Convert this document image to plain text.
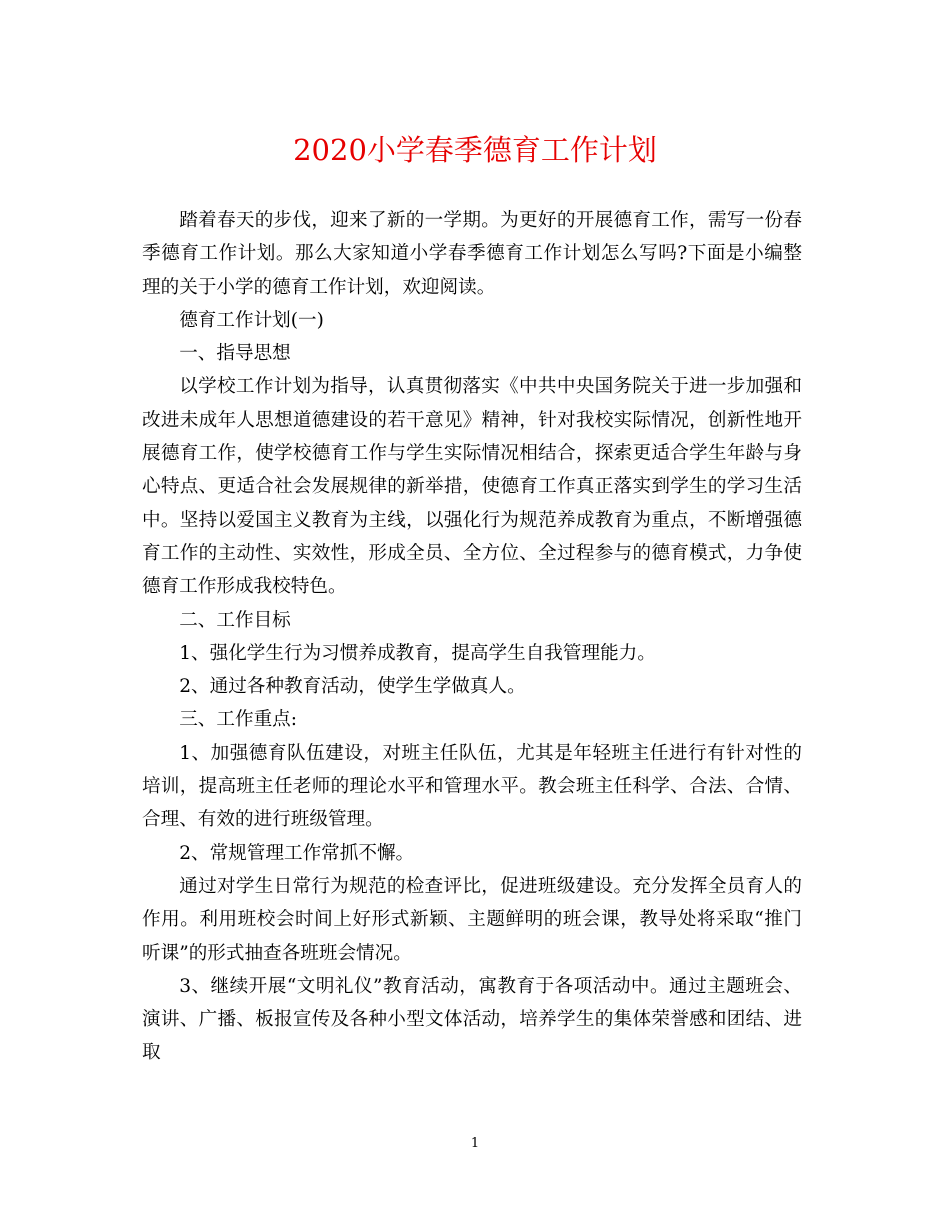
2020小学春季德育工作计划

踏着春天的步伐，迎来了新的一学期。为更好的开展德育工作，需写一份春季德育工作计划。那么大家知道小学春季德育工作计划怎么写吗?下面是小编整理的关于小学的德育工作计划，欢迎阅读。

德育工作计划(一)

一、指导思想

以学校工作计划为指导，认真贯彻落实《中共中央国务院关于进一步加强和改进未成年人思想道德建设的若干意见》精神，针对我校实际情况，创新性地开展德育工作，使学校德育工作与学生实际情况相结合，探索更适合学生年龄与身心特点、更适合社会发展规律的新举措，使德育工作真正落实到学生的学习生活中。坚持以爱国主义教育为主线，以强化行为规范养成教育为重点，不断增强德育工作的主动性、实效性，形成全员、全方位、全过程参与的德育模式，力争使德育工作形成我校特色。

二、工作目标

1、强化学生行为习惯养成教育，提高学生自我管理能力。

2、通过各种教育活动，使学生学做真人。

三、工作重点:

1、加强德育队伍建设，对班主任队伍，尤其是年轻班主任进行有针对性的培训，提高班主任老师的理论水平和管理水平。教会班主任科学、合法、合情、合理、有效的进行班级管理。

2、常规管理工作常抓不懈。

通过对学生日常行为规范的检查评比，促进班级建设。充分发挥全员育人的作用。利用班校会时间上好形式新颖、主题鲜明的班会课，教导处将采取“推门听课”的形式抽查各班班会情况。

3、继续开展“文明礼仪”教育活动，寓教育于各项活动中。通过主题班会、演讲、广播、板报宣传及各种小型文体活动，培养学生的集体荣誉感和团结、进取

1
